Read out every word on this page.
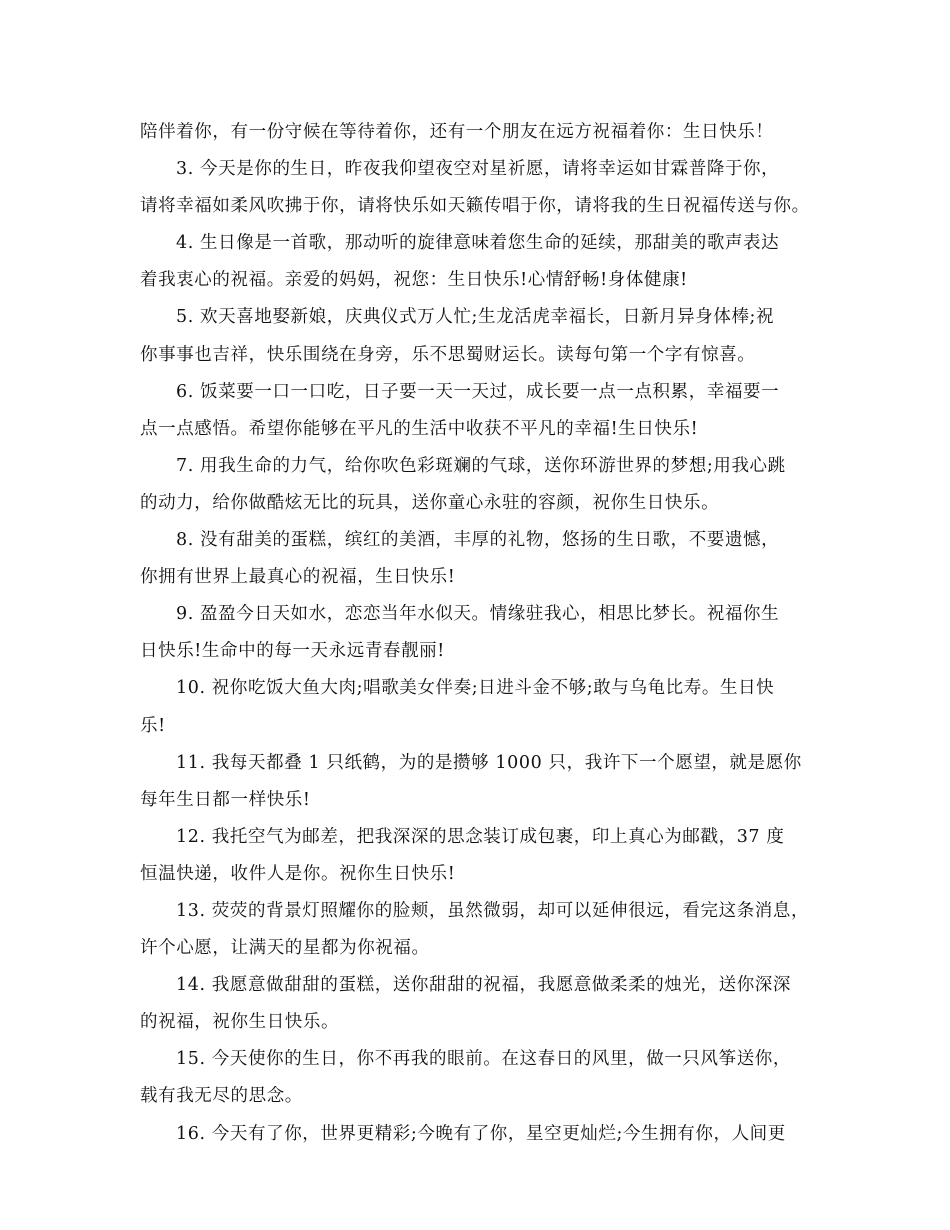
陪伴着你，有一份守候在等待着你，还有一个朋友在远方祝福着你：生日快乐！
3. 今天是你的生日，昨夜我仰望夜空对星祈愿，请将幸运如甘霖普降于你，
请将幸福如柔风吹拂于你，请将快乐如天籁传唱于你，请将我的生日祝福传送与你。
4. 生日像是一首歌，那动听的旋律意味着您生命的延续，那甜美的歌声表达
着我衷心的祝福。亲爱的妈妈，祝您：生日快乐!心情舒畅!身体健康!
5. 欢天喜地娶新娘，庆典仪式万人忙;生龙活虎幸福长，日新月异身体棒;祝
你事事也吉祥，快乐围绕在身旁，乐不思蜀财运长。读每句第一个字有惊喜。
6. 饭菜要一口一口吃，日子要一天一天过，成长要一点一点积累，幸福要一
点一点感悟。希望你能够在平凡的生活中收获不平凡的幸福!生日快乐!
7. 用我生命的力气，给你吹色彩斑斓的气球，送你环游世界的梦想;用我心跳
的动力，给你做酷炫无比的玩具，送你童心永驻的容颜，祝你生日快乐。
8. 没有甜美的蛋糕，缤红的美酒，丰厚的礼物，悠扬的生日歌，不要遗憾，
你拥有世界上最真心的祝福，生日快乐!
9. 盈盈今日天如水，恋恋当年水似天。情缘驻我心，相思比梦长。祝福你生
日快乐!生命中的每一天永远青春靓丽!
10. 祝你吃饭大鱼大肉;唱歌美女伴奏;日进斗金不够;敢与乌龟比寿。生日快
乐!
11. 我每天都叠 1 只纸鹤，为的是攒够 1000 只，我许下一个愿望，就是愿你
每年生日都一样快乐!
12. 我托空气为邮差，把我深深的思念装订成包裹，印上真心为邮戳，37 度
恒温快递，收件人是你。祝你生日快乐!
13. 荧荧的背景灯照耀你的脸颊，虽然微弱，却可以延伸很远，看完这条消息，
许个心愿，让满天的星都为你祝福。
14. 我愿意做甜甜的蛋糕，送你甜甜的祝福，我愿意做柔柔的烛光，送你深深
的祝福，祝你生日快乐。
15. 今天使你的生日，你不再我的眼前。在这春日的风里，做一只风筝送你，
载有我无尽的思念。
16. 今天有了你，世界更精彩;今晚有了你，星空更灿烂;今生拥有你，人间更
